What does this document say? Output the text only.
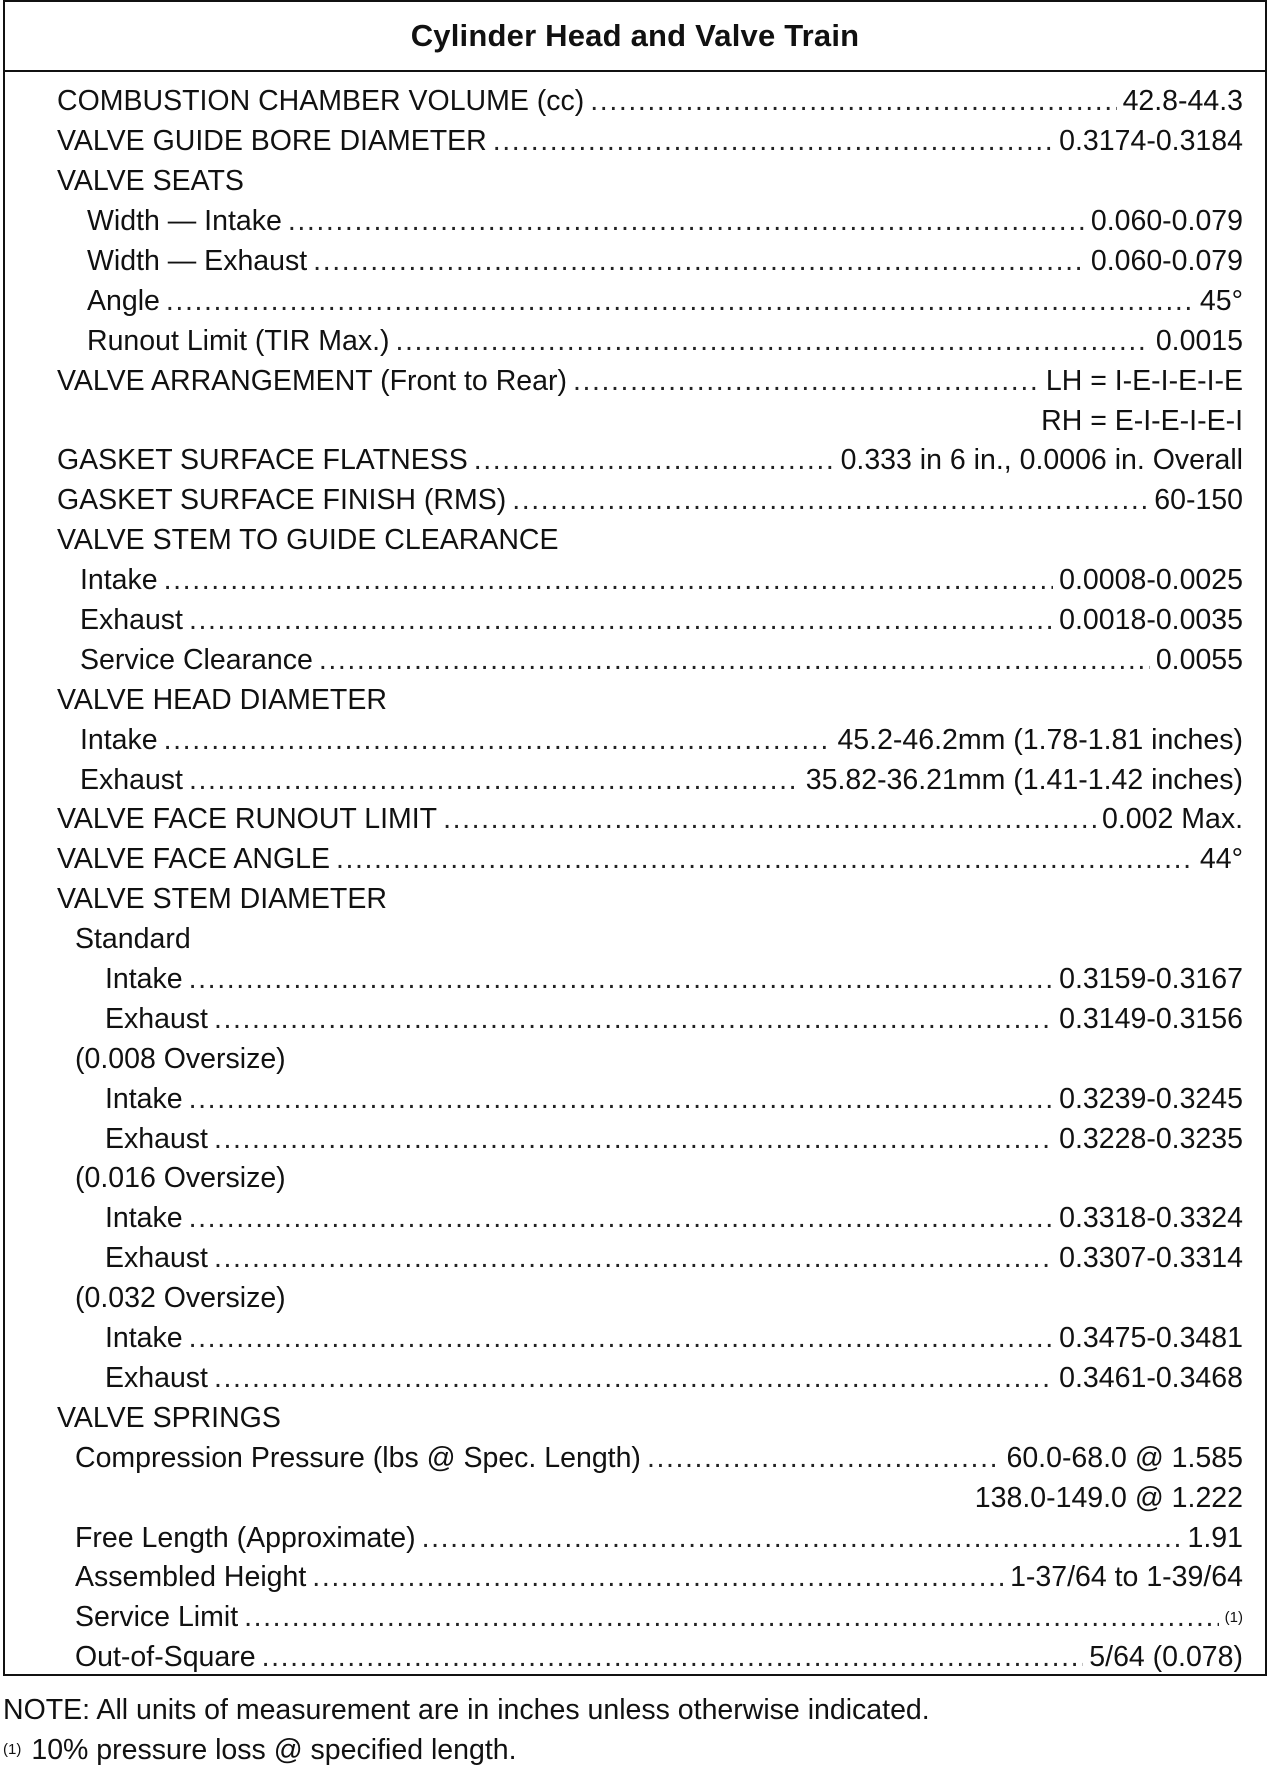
Cylinder Head and Valve Train
COMBUSTION CHAMBER VOLUME (cc) .....	42.8-44.3
VALVE GUIDE BORE DIAMETER .....	0.3174-0.3184
VALVE SEATS
Width — Intake .....	0.060-0.079
Width — Exhaust .....	0.060-0.079
Angle .....	45°
Runout Limit (TIR Max.) .....	0.0015
VALVE ARRANGEMENT (Front to Rear) .....	LH = I-E-I-E-I-E
RH = E-I-E-I-E-I
GASKET SURFACE FLATNESS .....	0.333 in 6 in., 0.0006 in. Overall
GASKET SURFACE FINISH (RMS) .....	60-150
VALVE STEM TO GUIDE CLEARANCE
Intake .....	0.0008-0.0025
Exhaust .....	0.0018-0.0035
Service Clearance .....	0.0055
VALVE HEAD DIAMETER
Intake .....	45.2-46.2mm (1.78-1.81 inches)
Exhaust .....	35.82-36.21mm (1.41-1.42 inches)
VALVE FACE RUNOUT LIMIT .....	0.002 Max.
VALVE FACE ANGLE .....	44°
VALVE STEM DIAMETER
Standard
Intake .....	0.3159-0.3167
Exhaust .....	0.3149-0.3156
(0.008 Oversize)
Intake .....	0.3239-0.3245
Exhaust .....	0.3228-0.3235
(0.016 Oversize)
Intake .....	0.3318-0.3324
Exhaust .....	0.3307-0.3314
(0.032 Oversize)
Intake .....	0.3475-0.3481
Exhaust .....	0.3461-0.3468
VALVE SPRINGS
Compression Pressure (lbs @ Spec. Length) .....	60.0-68.0 @ 1.585
138.0-149.0 @ 1.222
Free Length (Approximate) .....	1.91
Assembled Height .....	1-37/64 to 1-39/64
Service Limit .....	(1)
Out-of-Square .....	5/64 (0.078)
NOTE: All units of measurement are in inches unless otherwise indicated.
(1) 10% pressure loss @ specified length.
